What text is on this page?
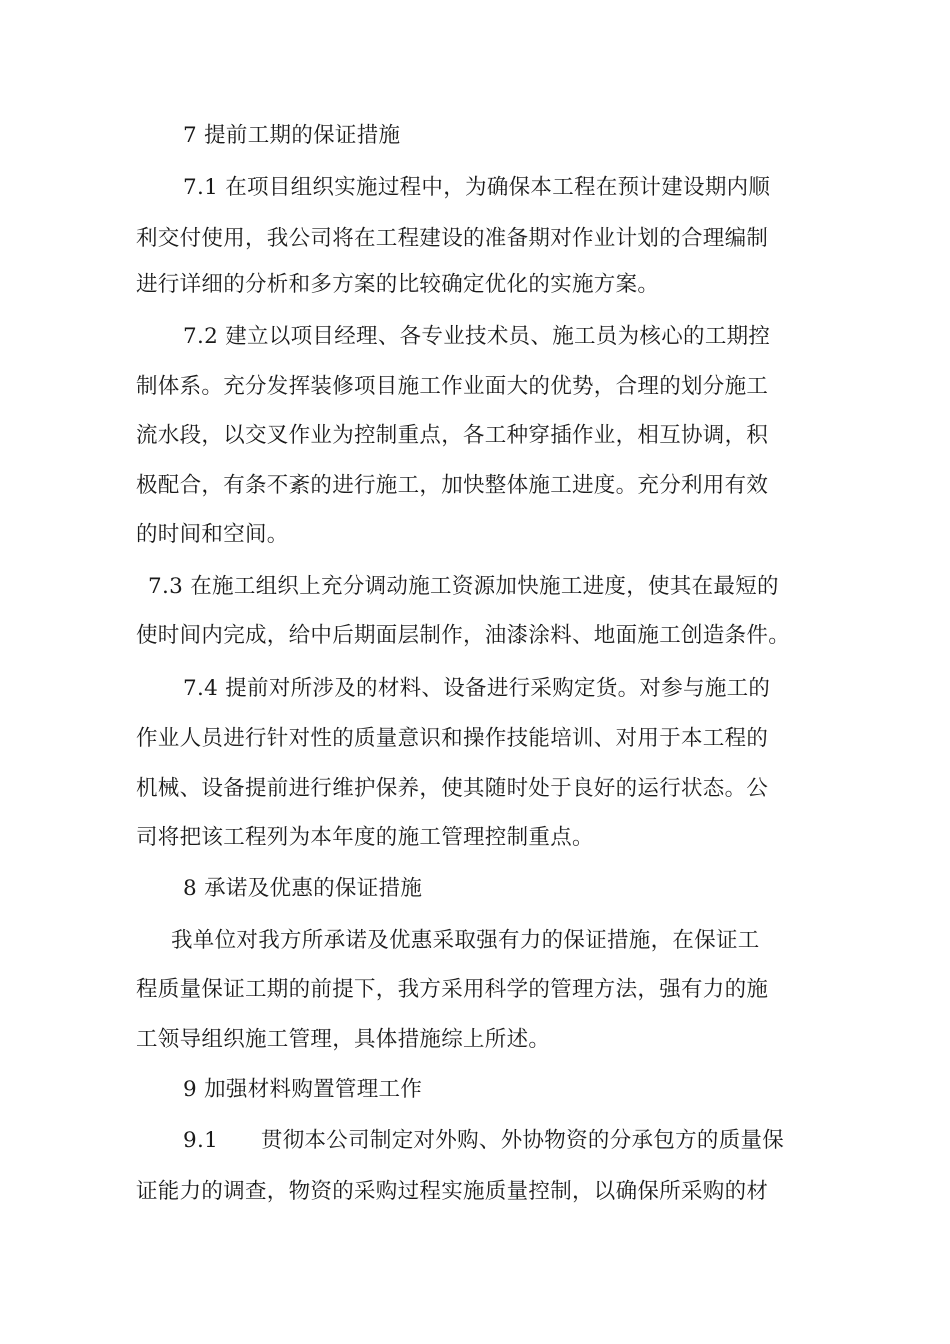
7 提前工期的保证措施
7.1 在项目组织实施过程中，为确保本工程在预计建设期内顺
利交付使用，我公司将在工程建设的准备期对作业计划的合理编制
进行详细的分析和多方案的比较确定优化的实施方案。
7.2 建立以项目经理、各专业技术员、施工员为核心的工期控
制体系。充分发挥装修项目施工作业面大的优势，合理的划分施工
流水段，以交叉作业为控制重点，各工种穿插作业，相互协调，积
极配合，有条不紊的进行施工，加快整体施工进度。充分利用有效
的时间和空间。
7.3 在施工组织上充分调动施工资源加快施工进度，使其在最短的
使时间内完成，给中后期面层制作，油漆涂料、地面施工创造条件。
7.4 提前对所涉及的材料、设备进行采购定货。对参与施工的
作业人员进行针对性的质量意识和操作技能培训、对用于本工程的
机械、设备提前进行维护保养，使其随时处于良好的运行状态。公
司将把该工程列为本年度的施工管理控制重点。
8 承诺及优惠的保证措施
我单位对我方所承诺及优惠采取强有力的保证措施，在保证工
程质量保证工期的前提下，我方采用科学的管理方法，强有力的施
工领导组织施工管理，具体措施综上所述。
9 加强材料购置管理工作
9.1      贯彻本公司制定对外购、外协物资的分承包方的质量保
证能力的调查，物资的采购过程实施质量控制，以确保所采购的材
